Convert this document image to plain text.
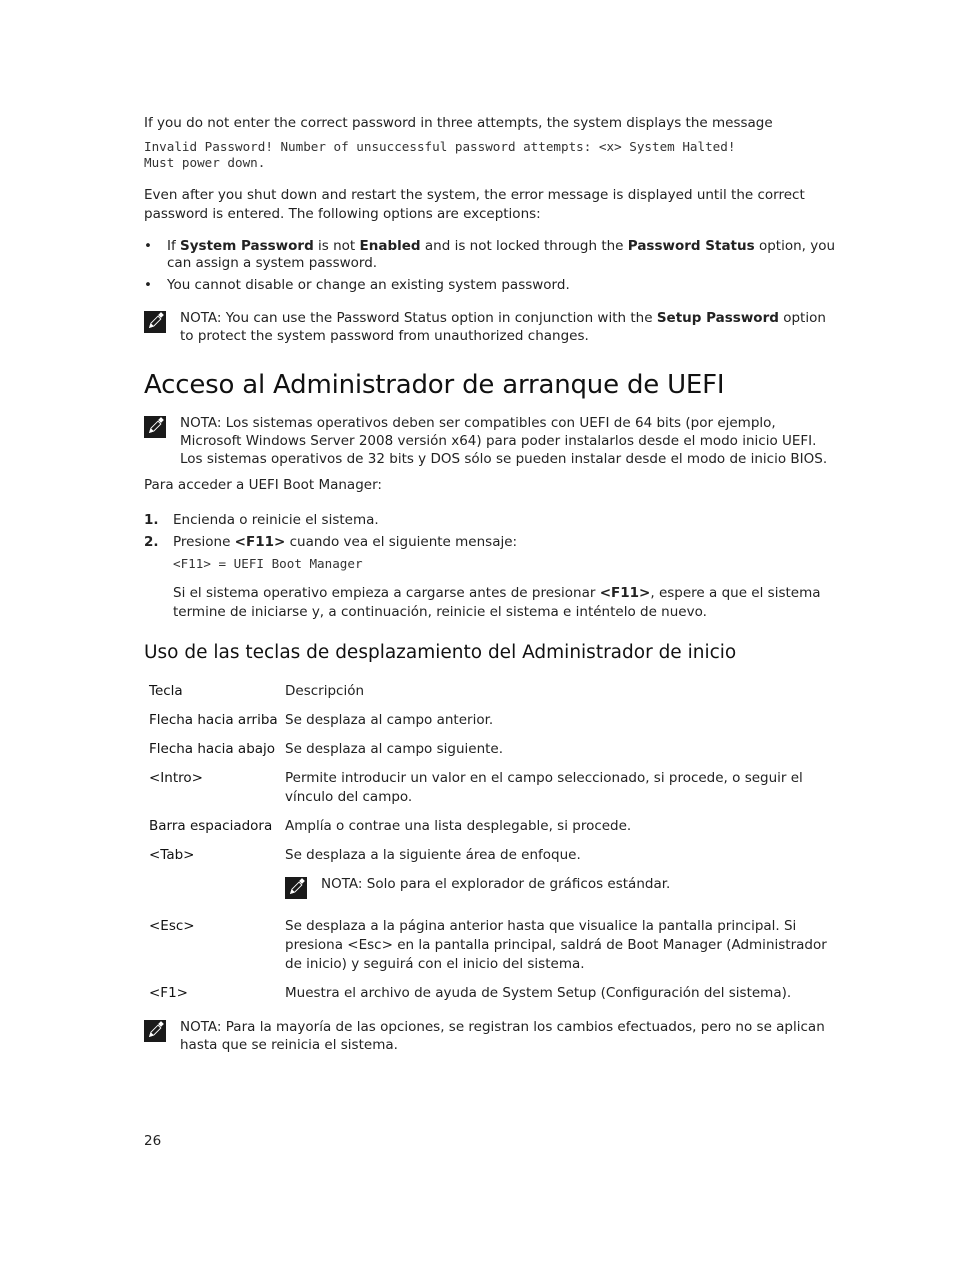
If you do not enter the correct password in three attempts, the system displays the message

Invalid Password! Number of unsuccessful password attempts: <x> System Halted!

Must power down.

Even after you shut down and restart the system, the error message is displayed until the correct password is entered. The following options are exceptions:

• If System Password is not Enabled and is not locked through the Password Status option, you can assign a system password.
• You cannot disable or change an existing system password.
NOTA: You can use the Password Status option in conjunction with the Setup Password option to protect the system password from unauthorized changes.
Acceso al Administrador de arranque de UEFI
NOTA: Los sistemas operativos deben ser compatibles con UEFI de 64 bits (por ejemplo, Microsoft Windows Server 2008 versión x64) para poder instalarlos desde el modo inicio UEFI. Los sistemas operativos de 32 bits y DOS sólo se pueden instalar desde el modo de inicio BIOS.

Para acceder a UEFI Boot Manager:

1. Encienda o reinicie el sistema.
2. Presione <F11> cuando vea el siguiente mensaje:

<F11> = UEFI Boot Manager

Si el sistema operativo empieza a cargarse antes de presionar <F11>, espere a que el sistema termine de iniciarse y, a continuación, reinicie el sistema e inténtelo de nuevo.

Uso de las teclas de desplazamiento del Administrador de inicio
Tecla	Descripción
Flecha hacia arriba	Se desplaza al campo anterior.
Flecha hacia abajo	Se desplaza al campo siguiente.
<Intro>	Permite introducir un valor en el campo seleccionado, si procede, o seguir el vínculo del campo.
Barra espaciadora	Amplía o contrae una lista desplegable, si procede.
<Tab>	Se desplaza a la siguiente área de enfoque.
NOTA: Solo para el explorador de gráficos estándar.

<Esc>	Se desplaza a la página anterior hasta que visualice la pantalla principal. Si presiona <Esc> en la pantalla principal, saldrá de Boot Manager (Administrador de inicio) y seguirá con el inicio del sistema.
<F1>	Muestra el archivo de ayuda de System Setup (Configuración del sistema).
NOTA: Para la mayoría de las opciones, se registran los cambios efectuados, pero no se aplican hasta que se reinicia el sistema.

26
